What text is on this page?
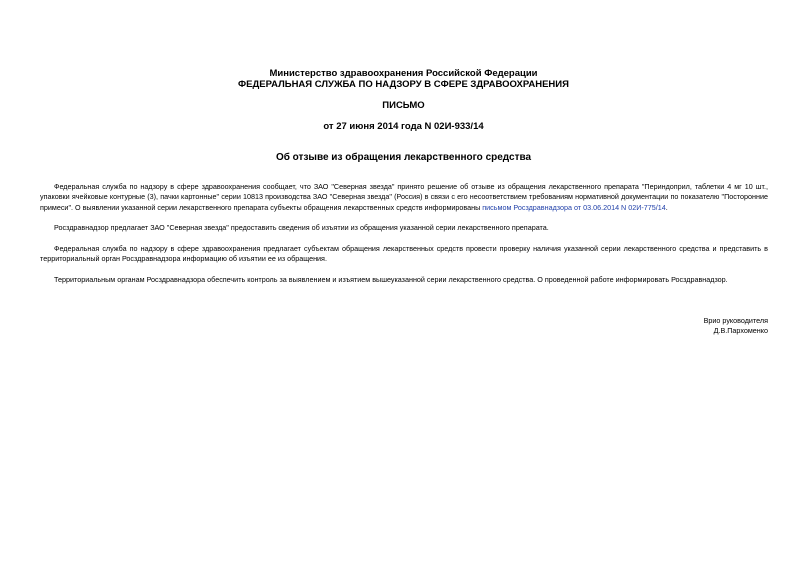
Министерство здравоохранения Российской Федерации
ФЕДЕРАЛЬНАЯ СЛУЖБА ПО НАДЗОРУ В СФЕРЕ ЗДРАВООХРАНЕНИЯ
ПИСЬМО
от 27 июня 2014 года N 02И-933/14
Об отзыве из обращения лекарственного средства
Федеральная служба по надзору в сфере здравоохранения сообщает, что ЗАО "Северная звезда" принято решение об отзыве из обращения лекарственного препарата "Периндоприл, таблетки 4 мг 10 шт., упаковки ячейковые контурные (3), пачки картонные" серии 10813 производства ЗАО "Северная звезда" (Россия) в связи с его несоответствием требованиям нормативной документации по показателю "Посторонние примеси". О выявлении указанной серии лекарственного препарата субъекты обращения лекарственных средств информированы письмом Росздравнадзора от 03.06.2014 N 02И-775/14.
Росздравнадзор предлагает ЗАО "Северная звезда" предоставить сведения об изъятии из обращения указанной серии лекарственного препарата.
Федеральная служба по надзору в сфере здравоохранения предлагает субъектам обращения лекарственных средств провести проверку наличия указанной серии лекарственного средства и представить в территориальный орган Росздравнадзора информацию об изъятии ее из обращения.
Территориальным органам Росздравнадзора обеспечить контроль за выявлением и изъятием вышеуказанной серии лекарственного средства. О проведенной работе информировать Росздравнадзор.
Врио руководителя
Д.В.Пархоменко
